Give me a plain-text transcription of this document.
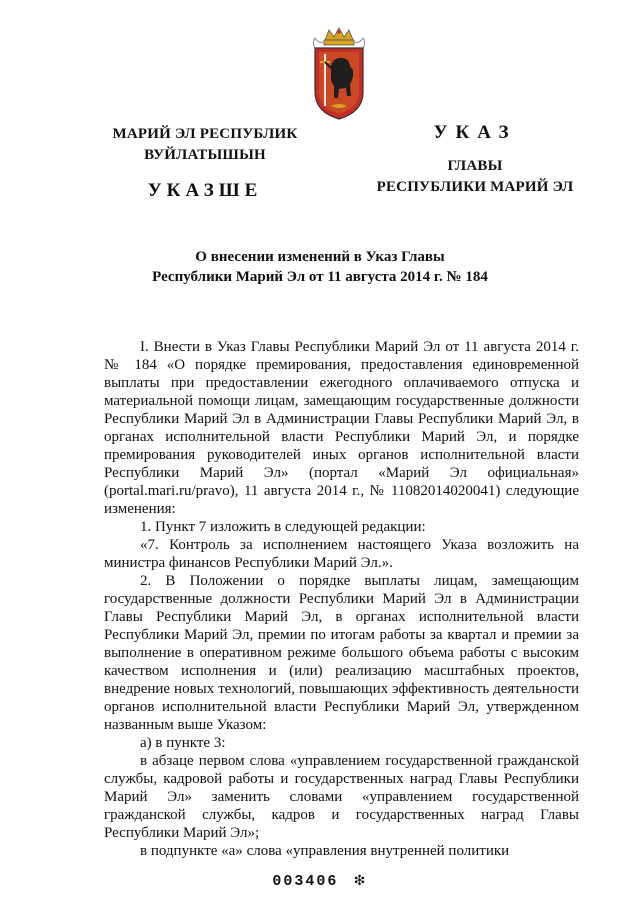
МАРИЙ ЭЛ РЕСПУБЛИК
ВУЙЛАТЫШЫН
УКАЗШЕ
УКАЗ
ГЛАВЫ
РЕСПУБЛИКИ МАРИЙ ЭЛ
О внесении изменений в Указ Главы
Республики Марий Эл от 11 августа 2014 г. № 184

I. Внести в Указ Главы Республики Марий Эл от 11 августа 2014 г. № 184 «О порядке премирования, предоставления единовременной выплаты при предоставлении ежегодного оплачиваемого отпуска и материальной помощи лицам, замещающим государственные должности Республики Марий Эл в Администрации Главы Республики Марий Эл, в органах исполнительной власти Республики Марий Эл, и порядке премирования руководителей иных органов исполнительной власти Республики Марий Эл» (портал «Марий Эл официальная» (portal.mari.ru/pravo), 11 августа 2014 г., № 11082014020041) следующие изменения:

1. Пункт 7 изложить в следующей редакции:

«7. Контроль за исполнением настоящего Указа возложить на министра финансов Республики Марий Эл.».

2. В Положении о порядке выплаты лицам, замещающим государственные должности Республики Марий Эл в Администрации Главы Республики Марий Эл, в органах исполнительной власти Республики Марий Эл, премии по итогам работы за квартал и премии за выполнение в оперативном режиме большого объема работы с высоким качеством исполнения и (или) реализацию масштабных проектов, внедрение новых технологий, повышающих эффективность деятельности органов исполнительной власти Республики Марий Эл, утвержденном названным выше Указом:

а) в пункте 3:

в абзаце первом слова «управлением государственной гражданской службы, кадровой работы и государственных наград Главы Республики Марий Эл» заменить словами «управлением государственной гражданской службы, кадров и государственных наград Главы Республики Марий Эл»;

в подпункте «а» слова «управления внутренней политики

003406 ❇
